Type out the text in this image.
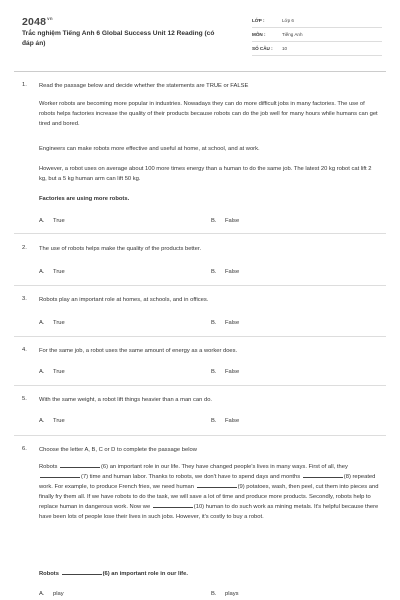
$2048^{vn}$
Trắc nghiệm Tiếng Anh 6 Global Success Unit 12 Reading (có đáp án)
LỚP :	Lớp 6
MÔN :	Tiếng Anh
SỐ CÂU :	10
1. Read the passage below and decide whether the statements are TRUE or FALSE
Worker robots are becoming more popular in industries. Nowadays they can do more difficult jobs in many factories. The use of robots helps factories increase the quality of their products because robots can do the job well for many hours while humans can get tired and bored.
Engineers can make robots more effective and useful at home, at school, and at work.
However, a robot uses on average about 100 more times energy than a human to do the same job. The latest 20 kg robot cat lift 2 kg, but a 5 kg human arm can lift 50 kg.
Factories are using more robots.
A. True	B. False
2. The use of robots helps make the quality of the products better.
A. True	B. False
3. Robots play an important role at homes, at schools, and in offices.
A. True	B. False
4. For the same job, a robot uses the same amount of energy as a worker does.
A. True	B. False
5. With the same weight, a robot lift things heavier than a man can do.
A. True	B. False
6. Choose the letter A, B, C or D to complete the passage below
Robots	(6) an important role in our life. They have changed people's lives in many ways. First of all, they (7) time and human labor. Thanks to robots, we don't have to spend days and months	(8) repeated work. For example, to produce French fries, we need human	(9) potatoes, wash, then peel, cut them into pieces and finally fry them all. If we have robots to do the task, we will save a lot of time and produce more products. Secondly, robots help to replace human in dangerous work. Now we	(10) human to do such work as mining metals. It's helpful because there have been lots of people lose their lives in such jobs. However, it's costly to buy a robot.
Robots	(6) an important role in our life.
A. play	B. plays
